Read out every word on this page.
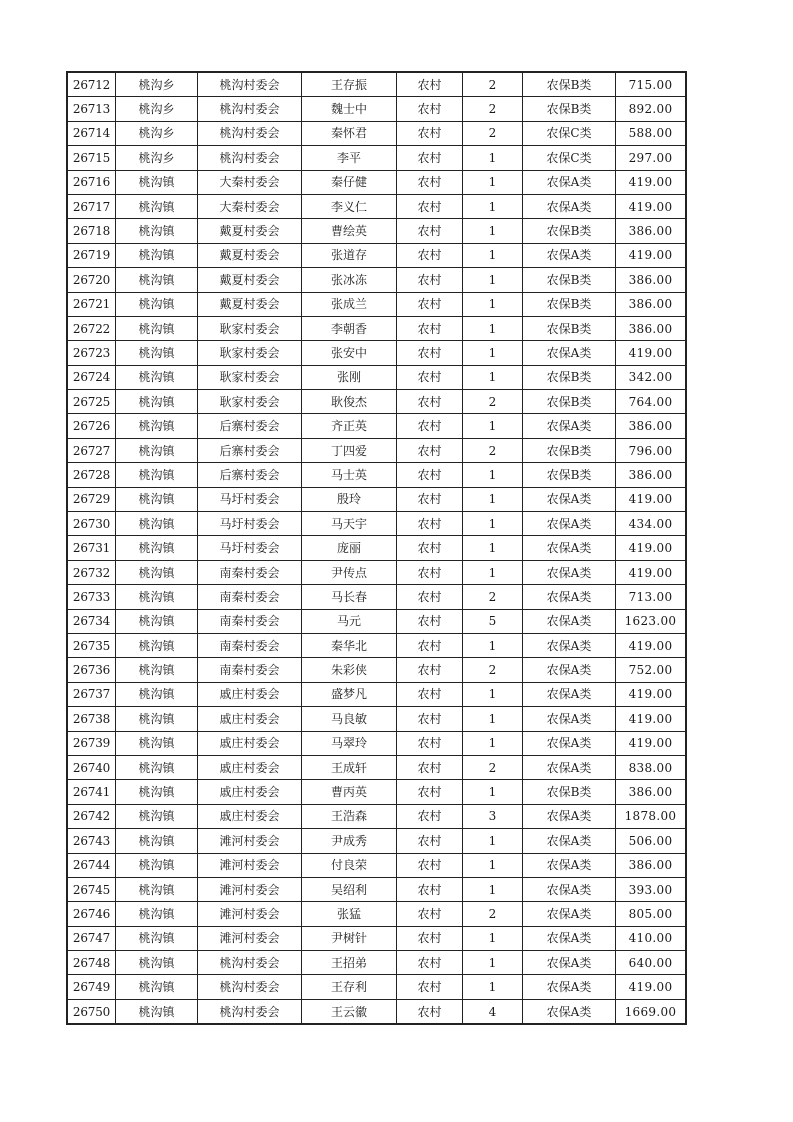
26712	桃沟乡	桃沟村委会	王存振	农村	2	农保B类	715.00
26713	桃沟乡	桃沟村委会	魏士中	农村	2	农保B类	892.00
26714	桃沟乡	桃沟村委会	秦怀君	农村	2	农保C类	588.00
26715	桃沟乡	桃沟村委会	李平	农村	1	农保C类	297.00
26716	桃沟镇	大秦村委会	秦仔健	农村	1	农保A类	419.00
26717	桃沟镇	大秦村委会	李义仁	农村	1	农保A类	419.00
26718	桃沟镇	戴夏村委会	曹绘英	农村	1	农保B类	386.00
26719	桃沟镇	戴夏村委会	张道存	农村	1	农保A类	419.00
26720	桃沟镇	戴夏村委会	张冰冻	农村	1	农保B类	386.00
26721	桃沟镇	戴夏村委会	张成兰	农村	1	农保B类	386.00
26722	桃沟镇	耿家村委会	李朝香	农村	1	农保B类	386.00
26723	桃沟镇	耿家村委会	张安中	农村	1	农保A类	419.00
26724	桃沟镇	耿家村委会	张刚	农村	1	农保B类	342.00
26725	桃沟镇	耿家村委会	耿俊杰	农村	2	农保B类	764.00
26726	桃沟镇	后寨村委会	齐正英	农村	1	农保A类	386.00
26727	桃沟镇	后寨村委会	丁四爱	农村	2	农保B类	796.00
26728	桃沟镇	后寨村委会	马士英	农村	1	农保B类	386.00
26729	桃沟镇	马圩村委会	殷玲	农村	1	农保A类	419.00
26730	桃沟镇	马圩村委会	马天宇	农村	1	农保A类	434.00
26731	桃沟镇	马圩村委会	庞丽	农村	1	农保A类	419.00
26732	桃沟镇	南秦村委会	尹传点	农村	1	农保A类	419.00
26733	桃沟镇	南秦村委会	马长春	农村	2	农保A类	713.00
26734	桃沟镇	南秦村委会	马元	农村	5	农保A类	1623.00
26735	桃沟镇	南秦村委会	秦华北	农村	1	农保A类	419.00
26736	桃沟镇	南秦村委会	朱彩侠	农村	2	农保A类	752.00
26737	桃沟镇	戚庄村委会	盛梦凡	农村	1	农保A类	419.00
26738	桃沟镇	戚庄村委会	马良敏	农村	1	农保A类	419.00
26739	桃沟镇	戚庄村委会	马翠玲	农村	1	农保A类	419.00
26740	桃沟镇	戚庄村委会	王成轩	农村	2	农保A类	838.00
26741	桃沟镇	戚庄村委会	曹丙英	农村	1	农保B类	386.00
26742	桃沟镇	戚庄村委会	王浩森	农村	3	农保A类	1878.00
26743	桃沟镇	滩河村委会	尹成秀	农村	1	农保A类	506.00
26744	桃沟镇	滩河村委会	付良荣	农村	1	农保A类	386.00
26745	桃沟镇	滩河村委会	吴绍利	农村	1	农保A类	393.00
26746	桃沟镇	滩河村委会	张猛	农村	2	农保A类	805.00
26747	桃沟镇	滩河村委会	尹树针	农村	1	农保A类	410.00
26748	桃沟镇	桃沟村委会	王招弟	农村	1	农保A类	640.00
26749	桃沟镇	桃沟村委会	王存利	农村	1	农保A类	419.00
26750	桃沟镇	桃沟村委会	王云徽	农村	4	农保A类	1669.00
